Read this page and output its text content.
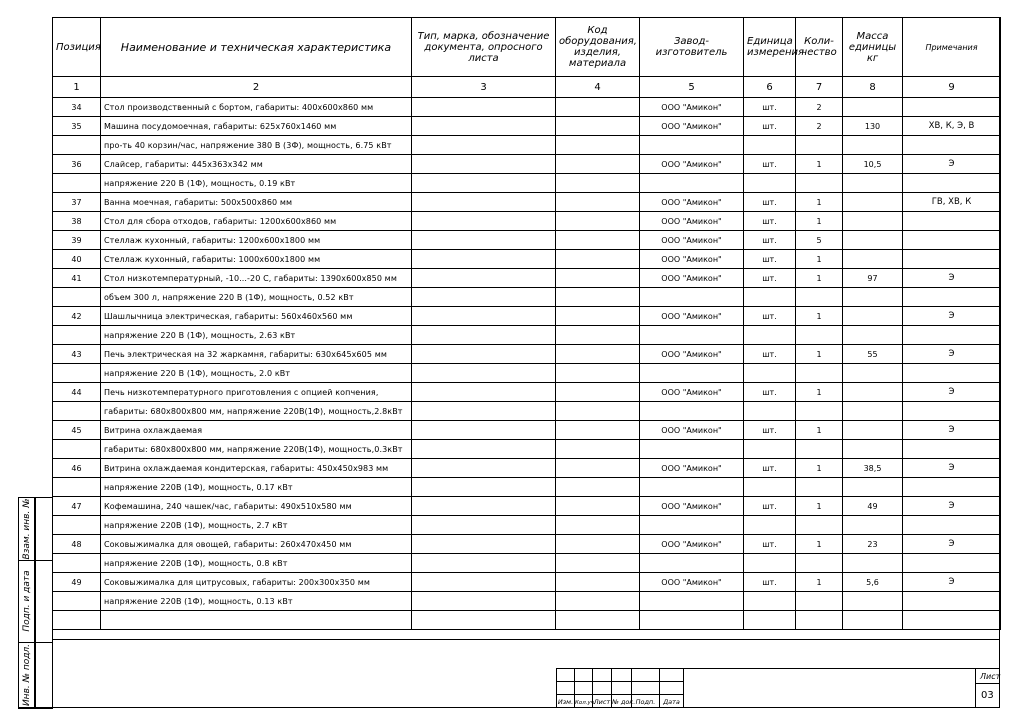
Позиция	Наименование и техническая характеристика	Тип, марка, обозначение документа, опросного листа	Код оборудования, изделия, материала	Завод-изготовитель	Единица измерения	Коли-чество	Масса единицы кг	Примечания
1	2	3	4	5	6	7	8	9
34	Стол производственный с бортом, габариты: 400x600x860 мм			ООО "Амикон"	шт.	2		
35	Машина посудомоечная, габариты: 625x760x1460 мм			ООО "Амикон"	шт.	2	130	ХВ, К, Э, В
	про-ть 40 корзин/час, напряжение 380 В (3Ф), мощность, 6.75 кВт							
36	Слайсер, габариты: 445x363x342 мм			ООО "Амикон"	шт.	1	10,5	Э
	напряжение 220 В (1Ф), мощность, 0.19 кВт							
37	Ванна моечная, габариты: 500x500x860 мм			ООО "Амикон"	шт.	1		ГВ, ХВ, К
38	Стол для сбора отходов, габариты: 1200x600x860 мм			ООО "Амикон"	шт.	1		
39	Стеллаж кухонный, габариты: 1200x600x1800 мм			ООО "Амикон"	шт.	5		
40	Стеллаж кухонный, габариты: 1000x600x1800 мм			ООО "Амикон"	шт.	1		
41	Стол низкотемпературный, -10...-20 С, габариты: 1390x600x850 мм			ООО "Амикон"	шт.	1	97	Э
	объем 300 л, напряжение 220 В (1Ф), мощность, 0.52 кВт							
42	Шашлычница электрическая, габариты: 560x460x560 мм			ООО "Амикон"	шт.	1		Э
	напряжение 220 В (1Ф), мощность, 2.63 кВт							
43	Печь электрическая на 32 жаркамня, габариты: 630x645x605 мм			ООО "Амикон"	шт.	1	55	Э
	напряжение 220 В (1Ф), мощность, 2.0 кВт							
44	Печь низкотемпературного приготовления с опцией копчения,			ООО "Амикон"	шт.	1		Э
	габариты: 680x800x800 мм, напряжение 220В(1Ф), мощность,2.8кВт							
45	Витрина охлаждаемая			ООО "Амикон"	шт.	1		Э
	габариты: 680x800x800 мм, напряжение 220В(1Ф), мощность,0.3кВт							
46	Витрина охлаждаемая кондитерская, габариты: 450x450x983 мм			ООО "Амикон"	шт.	1	38,5	Э
	напряжение 220В (1Ф), мощность, 0.17 кВт							
47	Кофемашина, 240 чашек/час, габариты: 490x510x580 мм			ООО "Амикон"	шт.	1	49	Э
	напряжение 220В (1Ф), мощность, 2.7 кВт							
48	Соковыжималка для овощей, габариты: 260x470x450 мм			ООО "Амикон"	шт.	1	23	Э
	напряжение 220В (1Ф), мощность, 0.8 кВт							
49	Соковыжималка для цитрусовых, габариты: 200x300x350 мм			ООО "Амикон"	шт.	1	5,6	Э
	напряжение 220В (1Ф), мощность, 0.13 кВт							

Взам. инв. №
Подп. и дата
Инв. № подл.	Изм. Кол.уч.
Лист № док. Подп.	Дата
Лист
03
